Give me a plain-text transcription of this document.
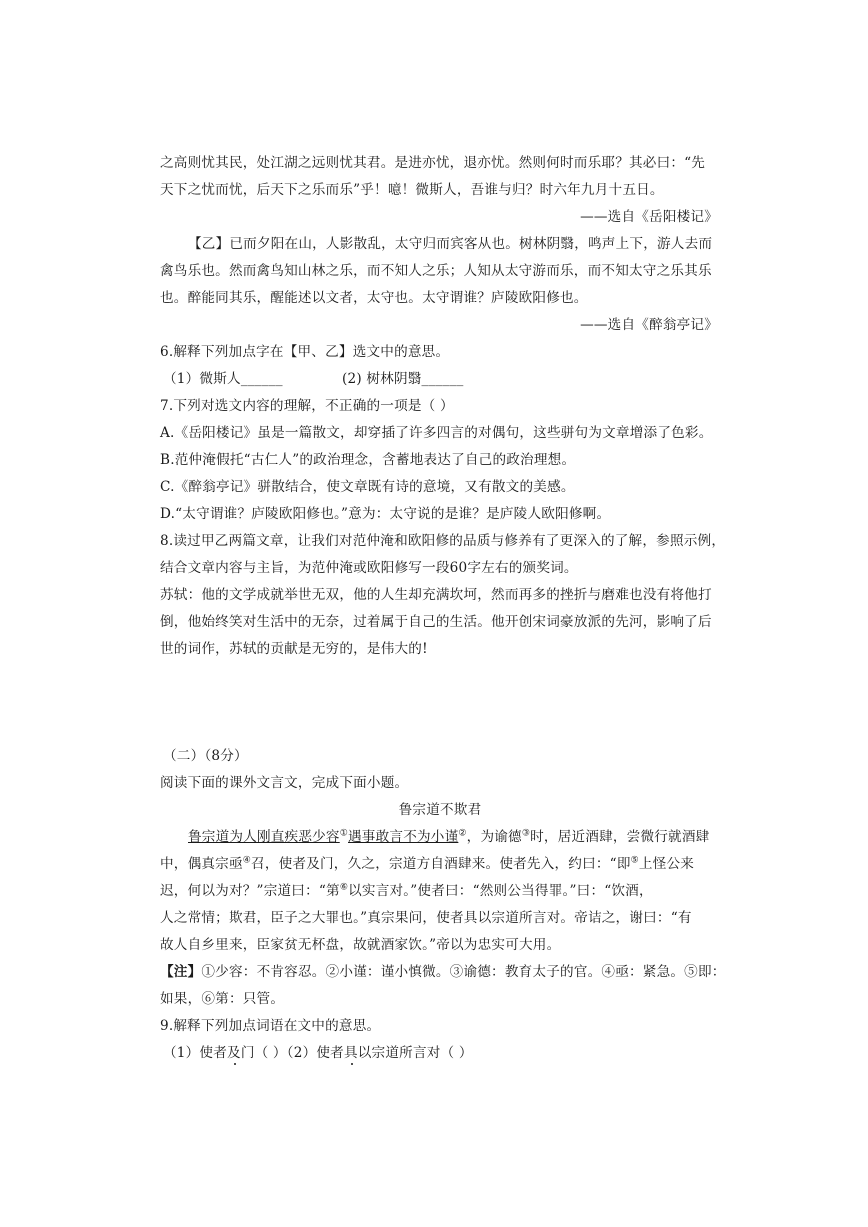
之高则忧其民，处江湖之远则忧其君。是进亦忧，退亦忧。然则何时而乐耶？其必曰：“先
天下之忧而忧，后天下之乐而乐”乎！噫！微斯人，吾谁与归？时六年九月十五日。
——选自《岳阳楼记》
【乙】已而夕阳在山，人影散乱，太守归而宾客从也。树林阴翳，鸣声上下，游人去而
禽鸟乐也。然而禽鸟知山林之乐，而不知人之乐；人知从太守游而乐，而不知太守之乐其乐
也。醉能同其乐，醒能述以文者，太守也。太守谓谁？庐陵欧阳修也。
——选自《醉翁亭记》
6.解释下列加点字在【甲、乙】选文中的意思。
（1）微斯人______	(2) 树林阴翳______
7.下列对选文内容的理解，不正确的一项是（ ）
A.《岳阳楼记》虽是一篇散文，却穿插了许多四言的对偶句，这些骈句为文章增添了色彩。
B.范仲淹假托“古仁人”的政治理念，含蓄地表达了自己的政治理想。
C.《醉翁亭记》骈散结合，使文章既有诗的意境，又有散文的美感。
D.“太守谓谁？庐陵欧阳修也。”意为：太守说的是谁？是庐陵人欧阳修啊。
8.读过甲乙两篇文章，让我们对范仲淹和欧阳修的品质与修养有了更深入的了解，参照示例，
结合文章内容与主旨，为范仲淹或欧阳修写一段60字左右的颁奖词。
苏轼：他的文学成就举世无双，他的人生却充满坎坷，然而再多的挫折与磨难也没有将他打
倒，他始终笑对生活中的无奈，过着属于自己的生活。他开创宋词豪放派的先河，影响了后
世的词作，苏轼的贡献是无穷的，是伟大的!
（二）（8分）
阅读下面的课外文言文，完成下面小题。
鲁宗道不欺君
鲁宗道为人刚直疾恶少容①遇事敢言不为小谨②，为谕德③时，居近酒肆，尝微行就酒肆
中，偶真宗亟④召，使者及门，久之，宗道方自酒肆来。使者先入，约曰：“即⑤上怪公来
迟，何以为对？”宗道曰：“第⑥以实言对。”使者曰：“然则公当得罪。”曰：“饮酒，
人之常情；欺君，臣子之大罪也。”真宗果问，使者具以宗道所言对。帝诘之，谢曰：“有
故人自乡里来，臣家贫无杯盘，故就酒家饮。”帝以为忠实可大用。
【注】①少容：不肯容忍。②小谨：谨小慎微。③谕德：教育太子的官。④亟：紧急。⑤即：
如果，⑥第：只管。
9.解释下列加点词语在文中的意思。
（1）使者及门（ ）（2）使者具以宗道所言对（ ）
